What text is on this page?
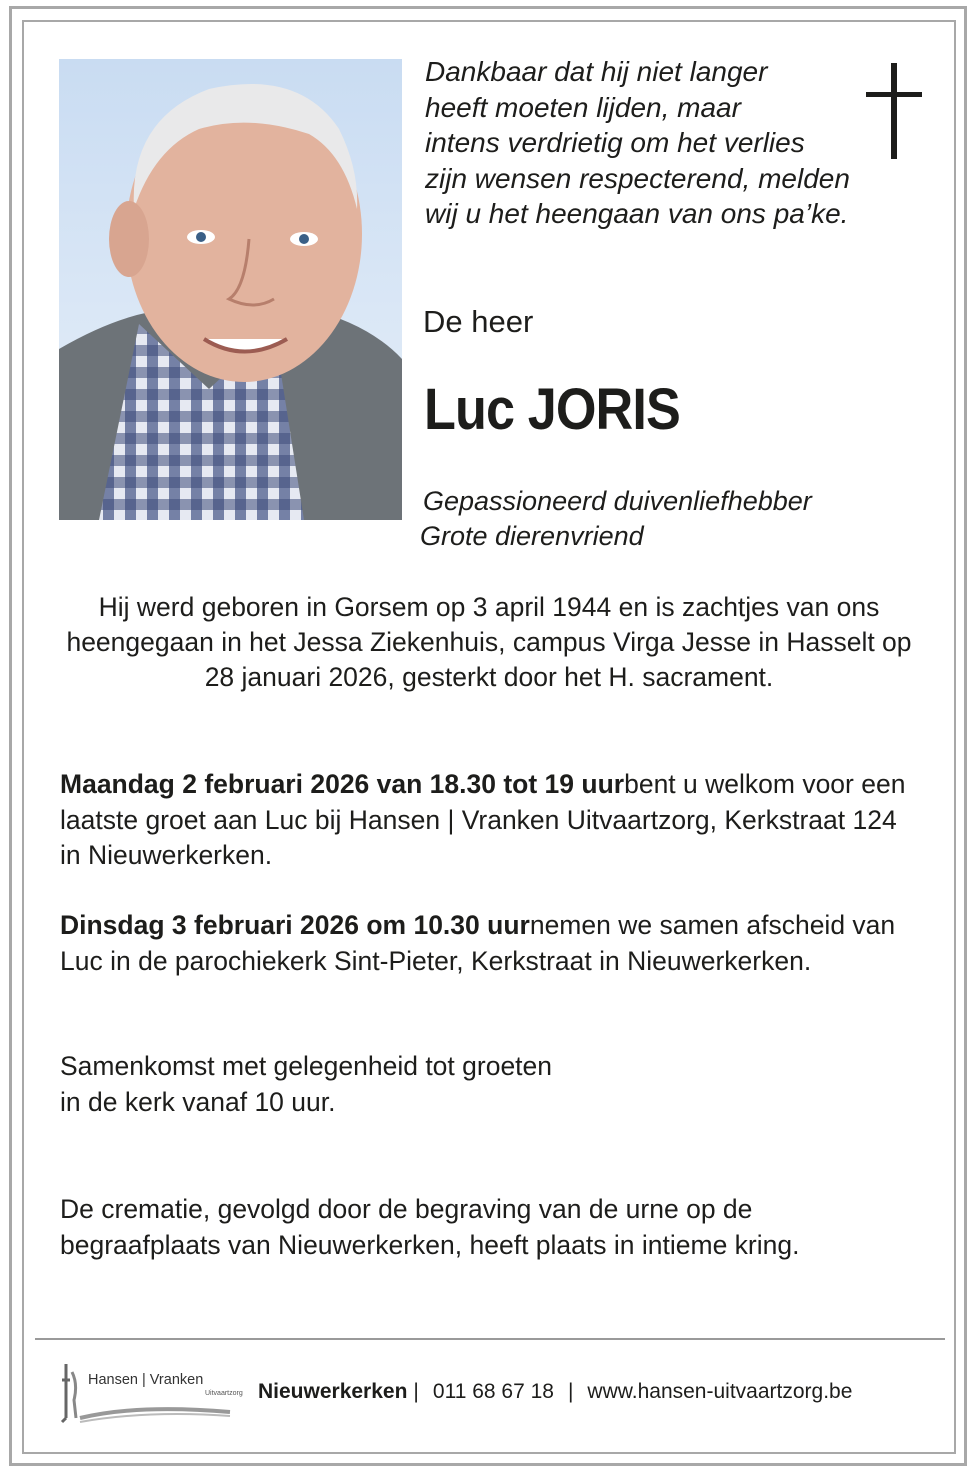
Dankbaar dat hij niet langer
heeft moeten lijden, maar
intens verdrietig om het verlies
zijn wensen respecterend, melden
wij u het heengaan van ons pa’ke.

De heer

Luc JORIS
Gepassioneerd duivenliefhebber
Grote dierenvriend

Hij werd geboren in Gorsem op 3 april 1944 en is zachtjes van ons heengegaan in het Jessa Ziekenhuis, campus Virga Jesse in Hasselt op 28 januari 2026, gesterkt door het H. sacrament.

Maandag 2 februari 2026 van 18.30 tot 19 uurbent u welkom voor een laatste groet aan Luc bij Hansen | Vranken Uitvaartzorg, Kerkstraat 124 in Nieuwerkerken.

Dinsdag 3 februari 2026 om 10.30 uurnemen we samen afscheid van Luc in de parochiekerk Sint-Pieter, Kerkstraat in Nieuwerkerken.

Samenkomst met gelegenheid tot groeten
in de kerk vanaf 10 uur.

De crematie, gevolgd door de begraving van de urne op de begraafplaats van Nieuwerkerken, heeft plaats in intieme kring.

Hansen | Vranken
Uitvaartzorg Nieuwerkerken | 011 68 67 18 | www.hansen-uitvaartzorg.be
